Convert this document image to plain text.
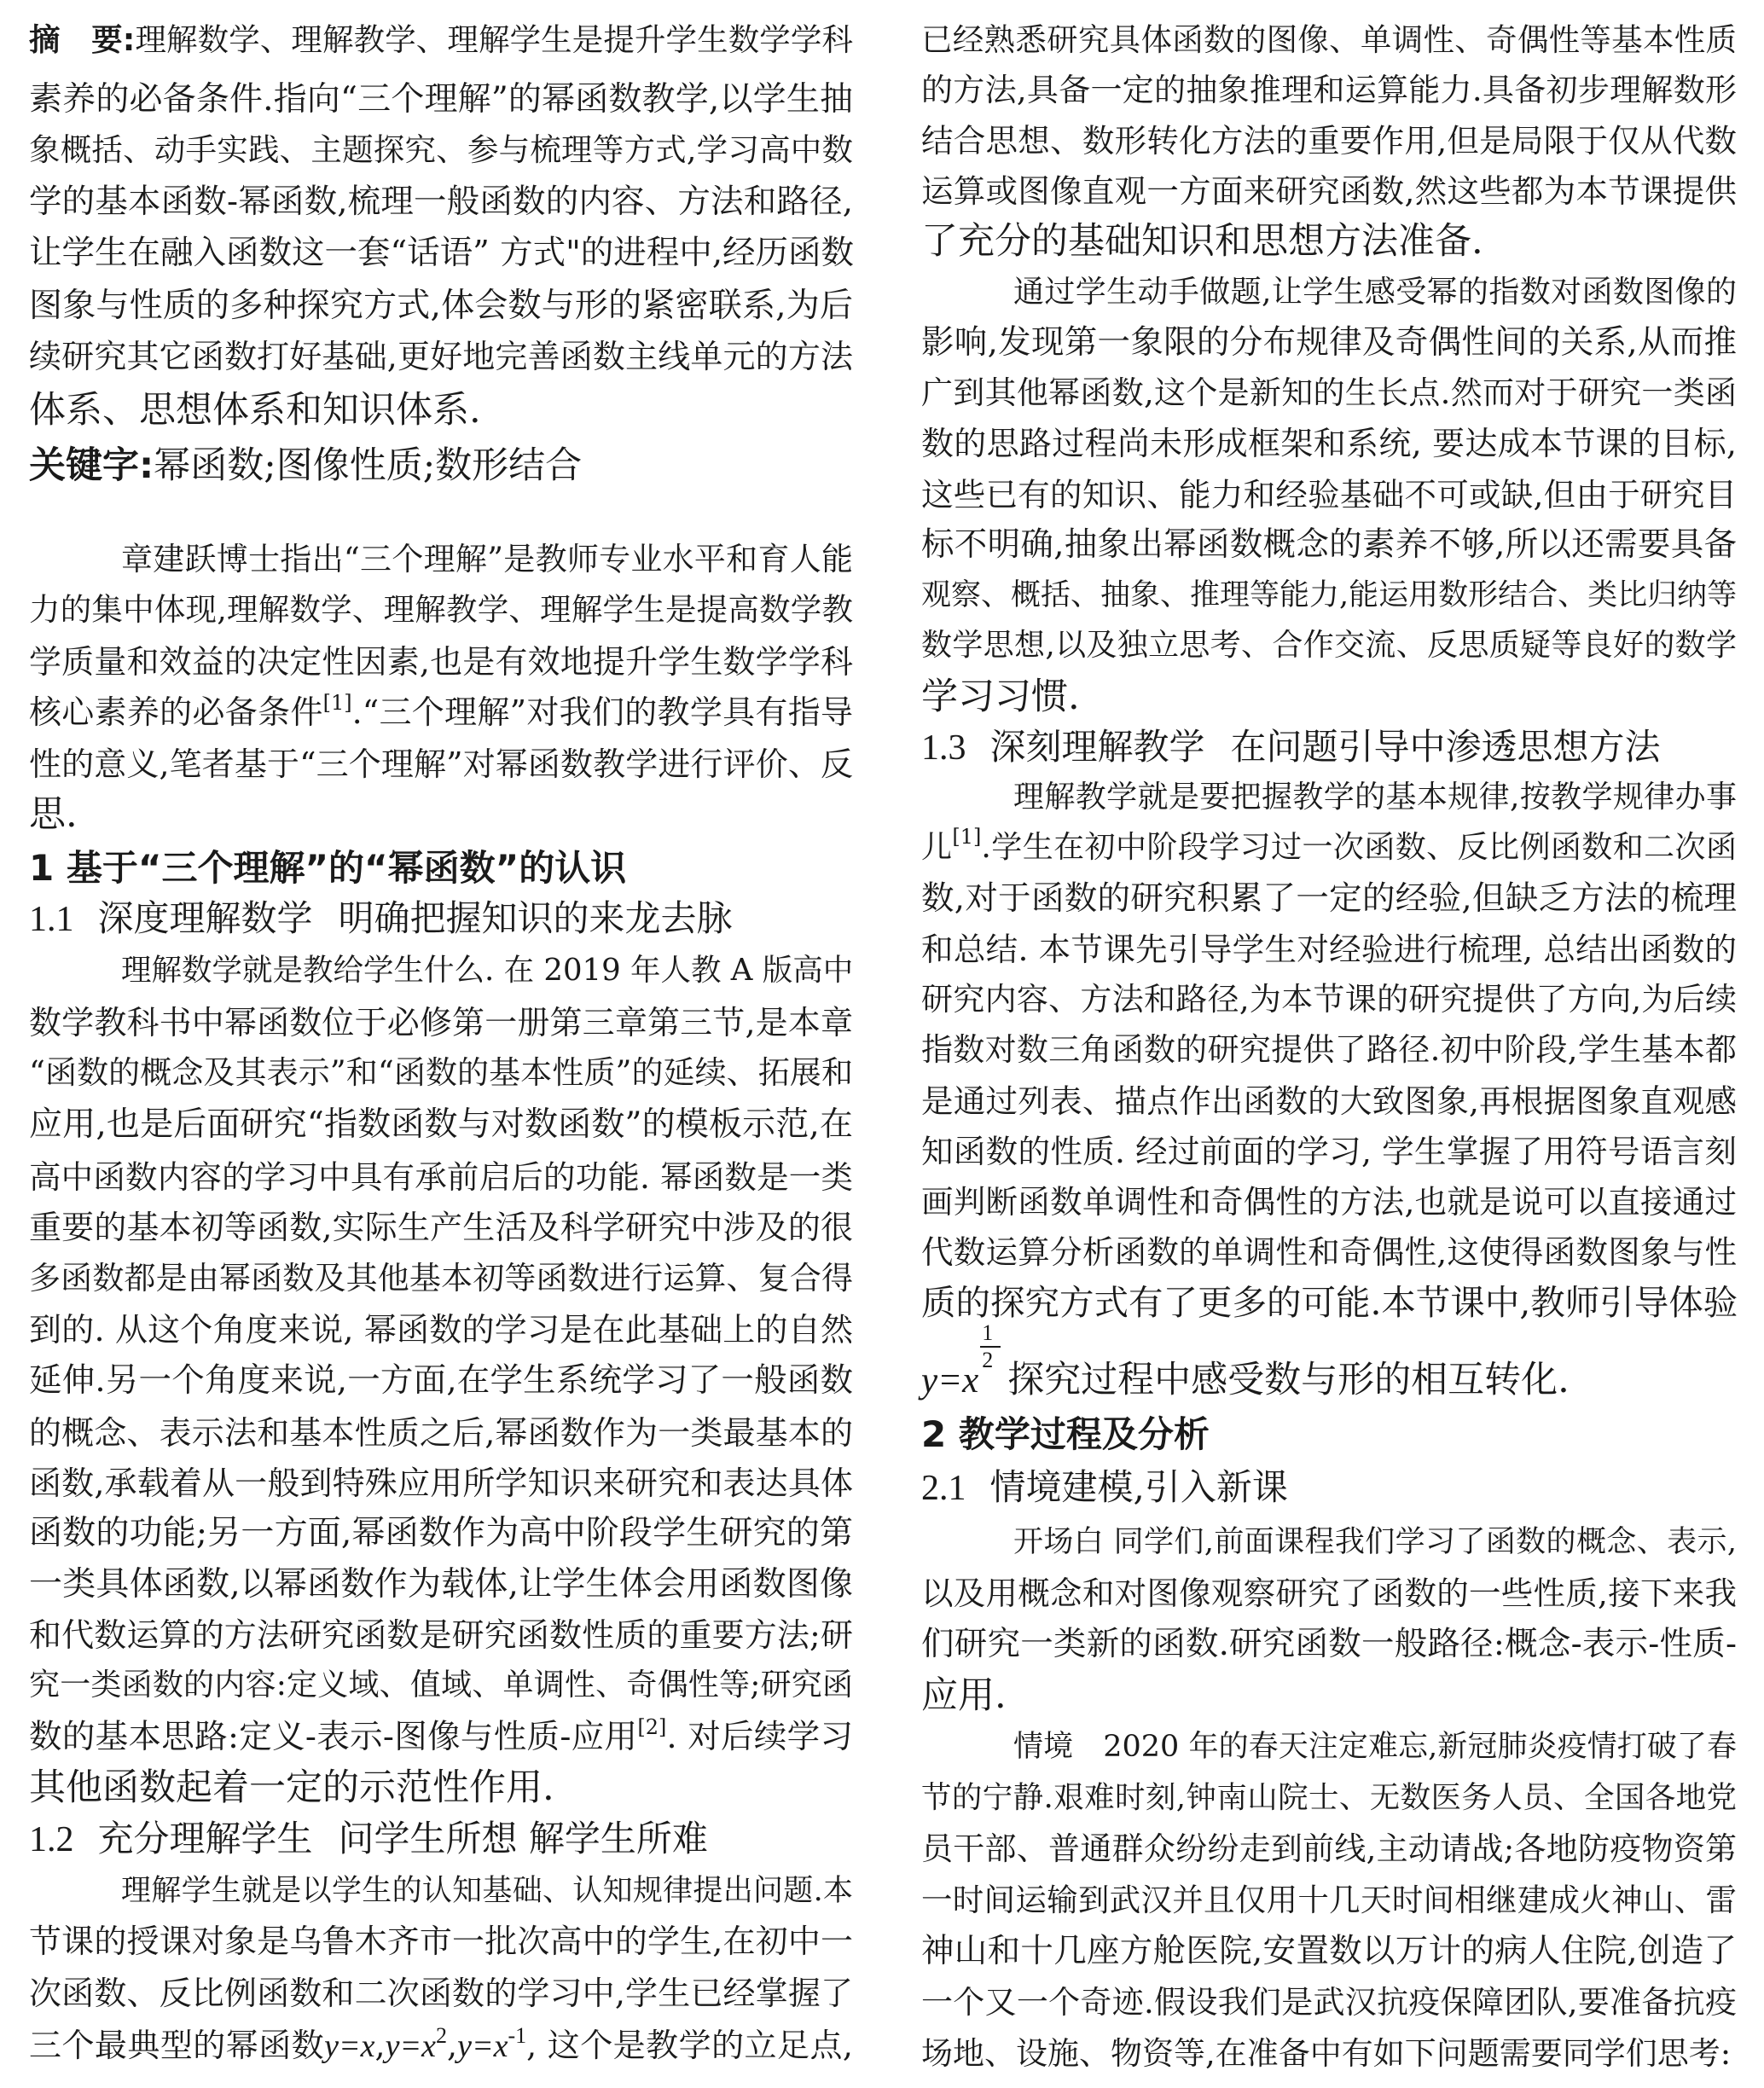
摘　要:理解数学、理解教学、理解学生是提升学生数学学科
素养的必备条件.指向“三个理解”的幂函数教学,以学生抽
象概括、动手实践、主题探究、参与梳理等方式,学习高中数
学的基本函数-幂函数,梳理一般函数的内容、方法和路径,
让学生在融入函数这一套“话语” 方式"的进程中,经历函数
图象与性质的多种探究方式,体会数与形的紧密联系,为后
续研究其它函数打好基础,更好地完善函数主线单元的方法
体系、思想体系和知识体系.
关键字:幂函数;图像性质;数形结合
章建跃博士指出“三个理解”是教师专业水平和育人能
力的集中体现,理解数学、理解教学、理解学生是提高数学教
学质量和效益的决定性因素,也是有效地提升学生数学学科
核心素养的必备条件[1].“三个理解”对我们的教学具有指导
性的意义,笔者基于“三个理解”对幂函数教学进行评价、反
思.
1 基于“三个理解”的“幂函数”的认识
1.1 深度理解数学 明确把握知识的来龙去脉
理解数学就是教给学生什么. 在 2019 年人教 A 版高中
数学教科书中幂函数位于必修第一册第三章第三节,是本章
“函数的概念及其表示”和“函数的基本性质”的延续、拓展和
应用,也是后面研究“指数函数与对数函数”的模板示范,在
高中函数内容的学习中具有承前启后的功能. 幂函数是一类
重要的基本初等函数,实际生产生活及科学研究中涉及的很
多函数都是由幂函数及其他基本初等函数进行运算、复合得
到的. 从这个角度来说, 幂函数的学习是在此基础上的自然
延伸.另一个角度来说,一方面,在学生系统学习了一般函数
的概念、表示法和基本性质之后,幂函数作为一类最基本的
函数,承载着从一般到特殊应用所学知识来研究和表达具体
函数的功能;另一方面,幂函数作为高中阶段学生研究的第
一类具体函数,以幂函数作为载体,让学生体会用函数图像
和代数运算的方法研究函数是研究函数性质的重要方法;研
究一类函数的内容:定义域、值域、单调性、奇偶性等;研究函
数的基本思路:定义-表示-图像与性质-应用[2]. 对后续学习
其他函数起着一定的示范性作用.
1.2 充分理解学生 问学生所想 解学生所难
理解学生就是以学生的认知基础、认知规律提出问题.本
节课的授课对象是乌鲁木齐市一批次高中的学生,在初中一
次函数、反比例函数和二次函数的学习中,学生已经掌握了
三个最典型的幂函数$y=x,y=x^2,y=x^{-1}$, 这个是教学的立足点,
已经熟悉研究具体函数的图像、单调性、奇偶性等基本性质
的方法,具备一定的抽象推理和运算能力.具备初步理解数形
结合思想、数形转化方法的重要作用,但是局限于仅从代数
运算或图像直观一方面来研究函数,然这些都为本节课提供
了充分的基础知识和思想方法准备.
通过学生动手做题,让学生感受幂的指数对函数图像的
影响,发现第一象限的分布规律及奇偶性间的关系,从而推
广到其他幂函数,这个是新知的生长点.然而对于研究一类函
数的思路过程尚未形成框架和系统, 要达成本节课的目标,
这些已有的知识、能力和经验基础不可或缺,但由于研究目
标不明确,抽象出幂函数概念的素养不够,所以还需要具备
观察、概括、抽象、推理等能力,能运用数形结合、类比归纳等
数学思想,以及独立思考、合作交流、反思质疑等良好的数学
学习习惯.
1.3 深刻理解教学 在问题引导中渗透思想方法
理解教学就是要把握教学的基本规律,按教学规律办事
儿[1].学生在初中阶段学习过一次函数、反比例函数和二次函
数,对于函数的研究积累了一定的经验,但缺乏方法的梳理
和总结. 本节课先引导学生对经验进行梳理, 总结出函数的
研究内容、方法和路径,为本节课的研究提供了方向,为后续
指数对数三角函数的研究提供了路径.初中阶段,学生基本都
是通过列表、描点作出函数的大致图象,再根据图象直观感
知函数的性质. 经过前面的学习, 学生掌握了用符号语言刻
画判断函数单调性和奇偶性的方法,也就是说可以直接通过
代数运算分析函数的单调性和奇偶性,这使得函数图象与性
质的探究方式有了更多的可能.本节课中,教师引导体验
$y=x \frac{1}{2}$ 探究过程中感受数与形的相互转化.
2 教学过程及分析
2.1 情境建模,引入新课
开场白 同学们,前面课程我们学习了函数的概念、表示,
以及用概念和对图像观察研究了函数的一些性质,接下来我
们研究一类新的函数.研究函数一般路径:概念-表示-性质-
应用.
情境　2020 年的春天注定难忘,新冠肺炎疫情打破了春
节的宁静.艰难时刻,钟南山院士、无数医务人员、全国各地党
员干部、普通群众纷纷走到前线,主动请战;各地防疫物资第
一时间运输到武汉并且仅用十几天时间相继建成火神山、雷
神山和十几座方舱医院,安置数以万计的病人住院,创造了
一个又一个奇迹.假设我们是武汉抗疫保障团队,要准备抗疫
场地、设施、物资等,在准备中有如下问题需要同学们思考:
